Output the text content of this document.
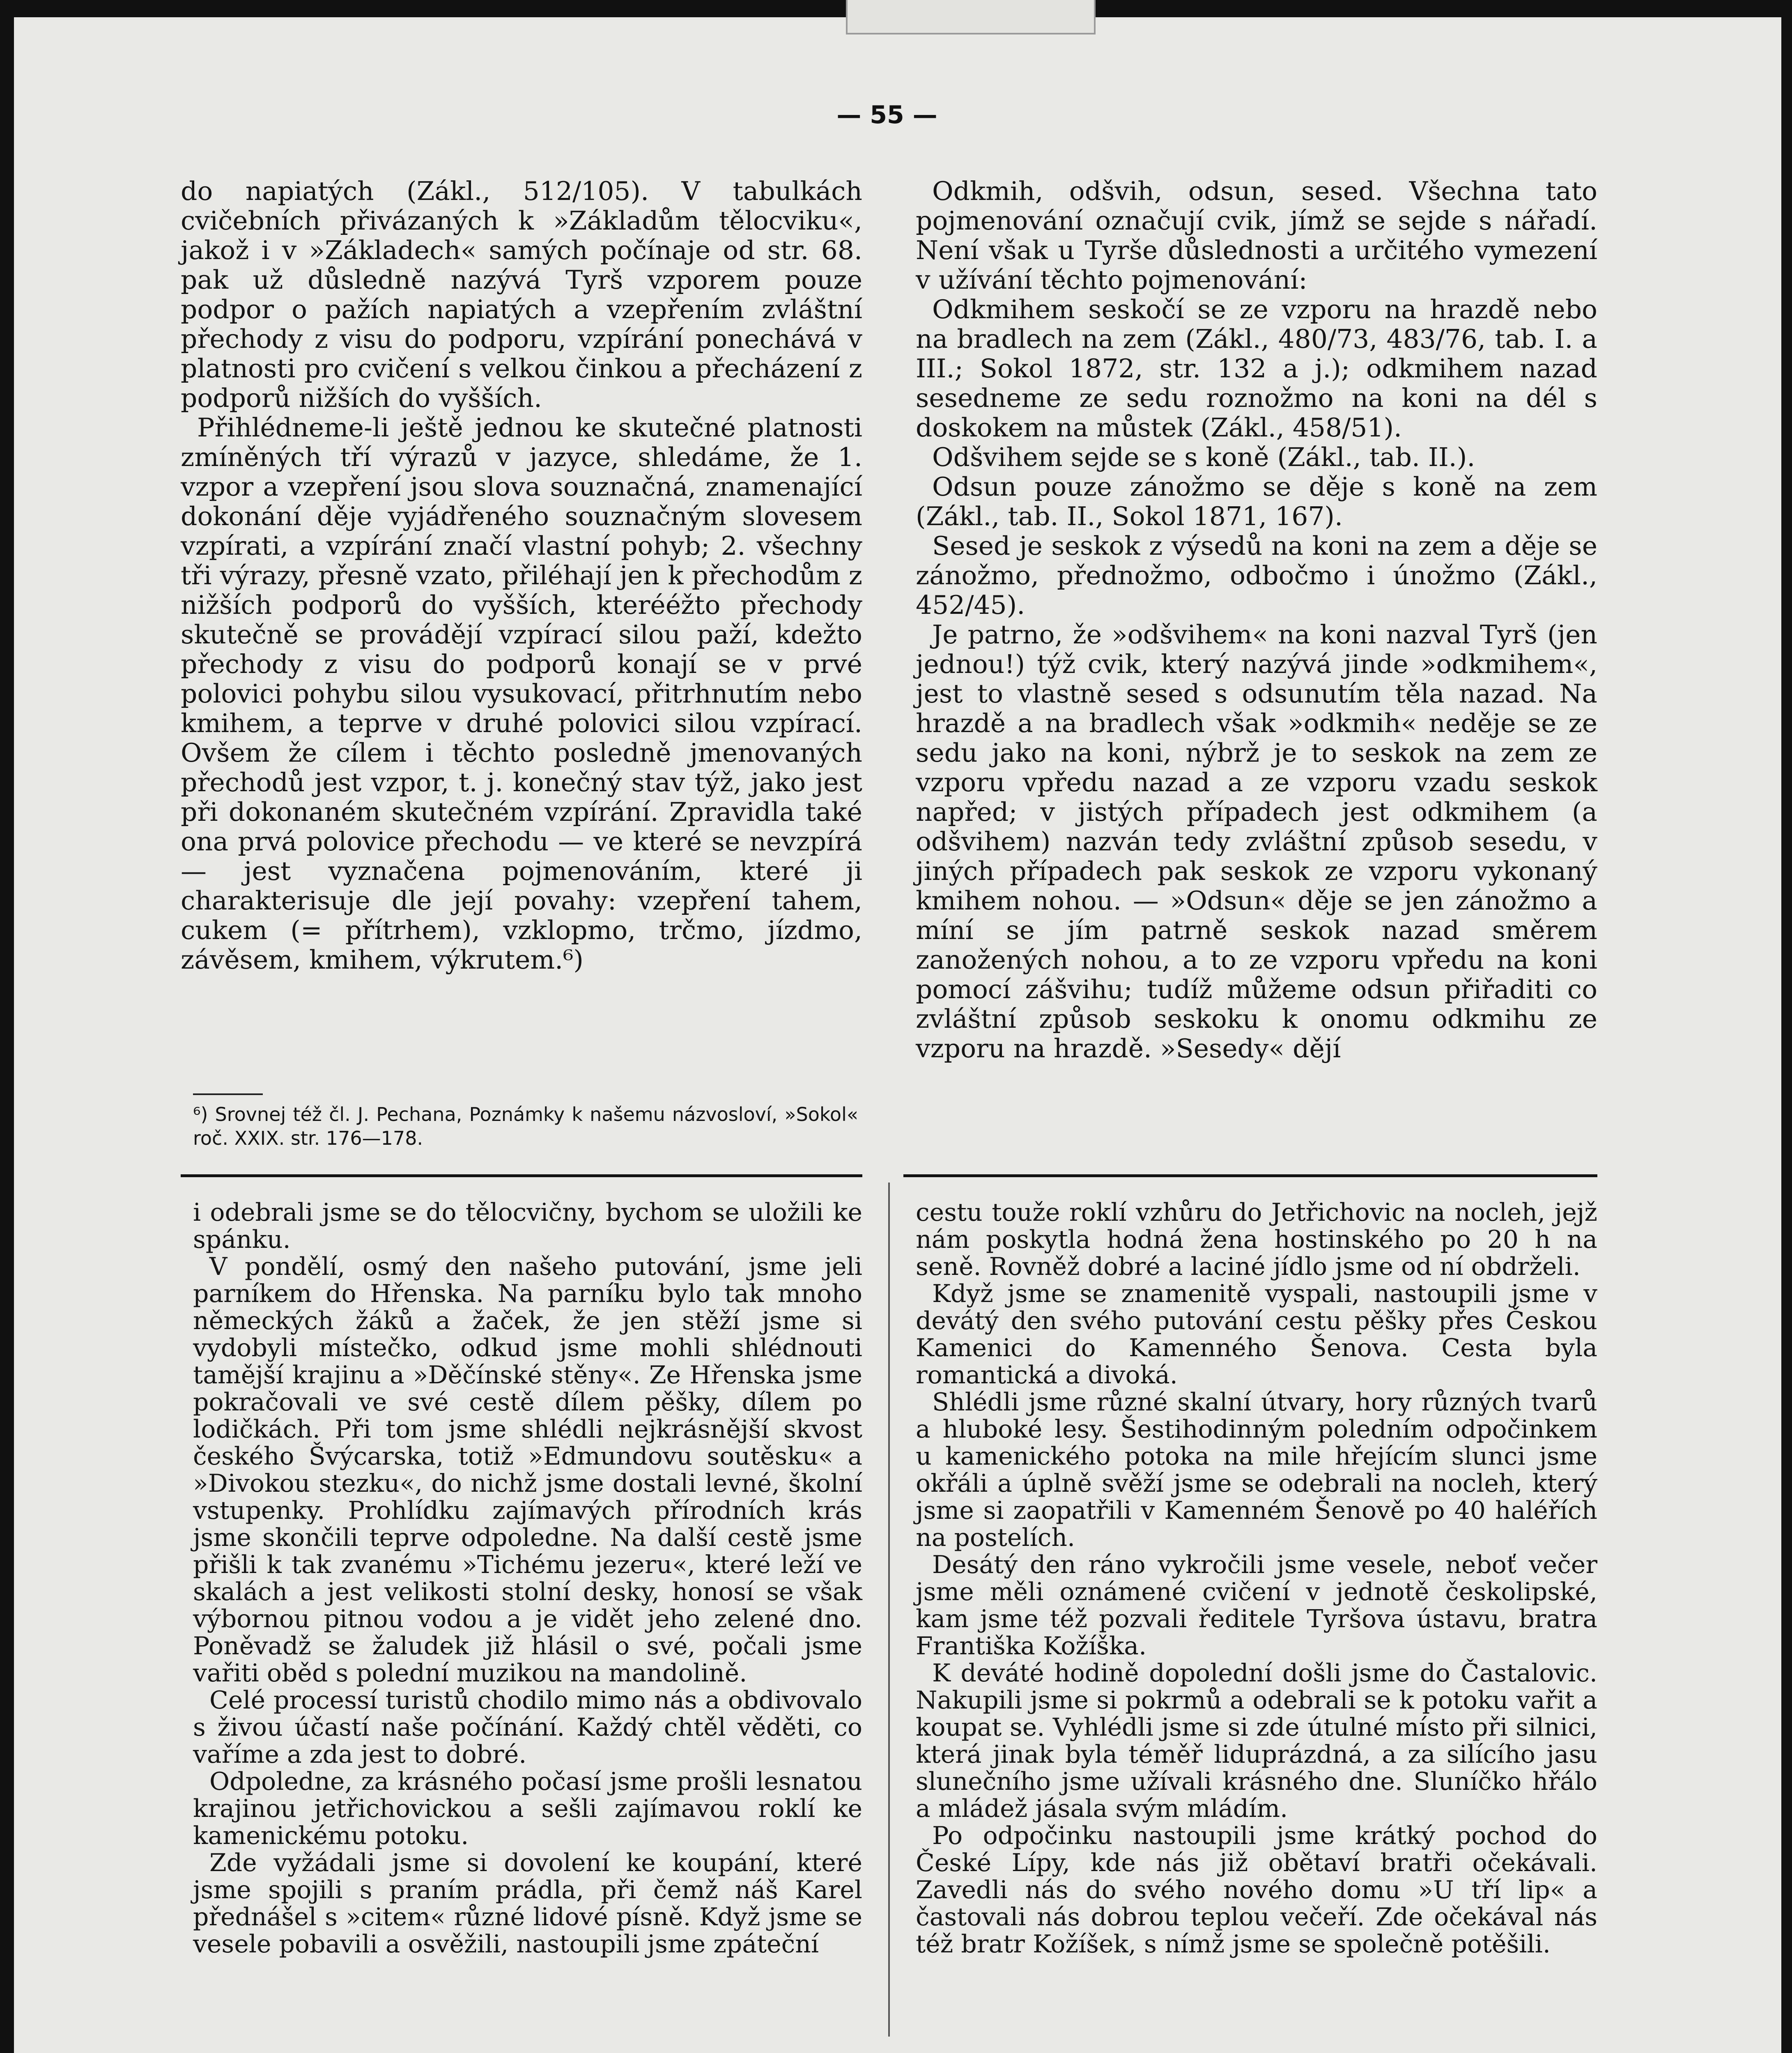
— 55 —

do napiatých (Zákl., 512/105). V tabulkách cvičebních přivázaných k »Základům tělocviku«, jakož i v »Základech« samých počínaje od str. 68. pak už důsledně nazývá Tyrš vzporem pouze podpor o pažích napiatých a vzepřením zvláštní přechody z visu do podporu, vzpírání ponechává v platnosti pro cvičení s velkou činkou a přecházení z podporů nižších do vyšších.

Přihlédneme-li ještě jednou ke skutečné platnosti zmíněných tří výrazů v jazyce, shledáme, že 1. vzpor a vzepření jsou slova souznačná, znamenající dokonání děje vyjádřeného souznačným slovesem vzpírati, a vzpírání značí vlastní pohyb; 2. všechny tři výrazy, přesně vzato, přiléhají jen k přechodům z nižších podporů do vyšších, kterééžto přechody skutečně se provádějí vzpírací silou paží, kdežto přechody z visu do podporů konají se v prvé polovici pohybu silou vysukovací, přitrhnutím nebo kmihem, a teprve v druhé polovici silou vzpírací. Ovšem že cílem i těchto posledně jmenovaných přechodů jest vzpor, t. j. konečný stav týž, jako jest při dokonaném skutečném vzpírání. Zpravidla také ona prvá polovice přechodu — ve které se nevzpírá — jest vyznačena pojmenováním, které ji charakterisuje dle její povahy: vzepření tahem, cukem (= přítrhem), vzklopmo, trčmo, jízdmo, závěsem, kmihem, výkrutem.⁶)

⁶) Srovnej též čl. J. Pechana, Poznámky k našemu názvosloví, »Sokol« roč. XXIX. str. 176—178.

Odkmih, odšvih, odsun, sesed. Všechna tato pojmenování označují cvik, jímž se sejde s nářadí. Není však u Tyrše důslednosti a určitého vymezení v užívání těchto pojmenování:

Odkmihem seskočí se ze vzporu na hrazdě nebo na bradlech na zem (Zákl., 480/73, 483/76, tab. I. a III.; Sokol 1872, str. 132 a j.); odkmihem nazad sesedneme ze sedu roznožmo na koni na dél s doskokem na můstek (Zákl., 458/51).

Odšvihem sejde se s koně (Zákl., tab. II.).

Odsun pouze zánožmo se děje s koně na zem (Zákl., tab. II., Sokol 1871, 167).

Sesed je seskok z výsedů na koni na zem a děje se zánožmo, přednožmo, odbočmo i únožmo (Zákl., 452/45).

Je patrno, že »odšvihem« na koni nazval Tyrš (jen jednou!) týž cvik, který nazývá jinde »odkmihem«, jest to vlastně sesed s odsunutím těla nazad. Na hrazdě a na bradlech však »odkmih« neděje se ze sedu jako na koni, nýbrž je to seskok na zem ze vzporu vpředu nazad a ze vzporu vzadu seskok napřed; v jistých případech jest odkmihem (a odšvihem) nazván tedy zvláštní způsob sesedu, v jiných případech pak seskok ze vzporu vykonaný kmihem nohou. — »Odsun« děje se jen zánožmo a míní se jím patrně seskok nazad směrem zanožených nohou, a to ze vzporu vpředu na koni pomocí zášvihu; tudíž můžeme odsun přiřaditi co zvláštní způsob seskoku k onomu odkmihu ze vzporu na hrazdě. »Sesedy« dějí

i odebrali jsme se do tělocvičny, bychom se uložili ke spánku.

V pondělí, osmý den našeho putování, jsme jeli parníkem do Hřenska. Na parníku bylo tak mnoho německých žáků a žaček, že jen stěží jsme si vydobyli místečko, odkud jsme mohli shlédnouti tamější krajinu a »Děčínské stěny«. Ze Hřenska jsme pokračovali ve své cestě dílem pěšky, dílem po lodičkách. Při tom jsme shlédli nejkrásnější skvost českého Švýcarska, totiž »Edmundovu soutěsku« a »Divokou stezku«, do nichž jsme dostali levné, školní vstupenky. Prohlídku zajímavých přírodních krás jsme skončili teprve odpoledne. Na další cestě jsme přišli k tak zvanému »Tichému jezeru«, které leží ve skalách a jest velikosti stolní desky, honosí se však výbornou pitnou vodou a je vidět jeho zelené dno. Poněvadž se žaludek již hlásil o své, počali jsme vařiti oběd s polední muzikou na mandolině.

Celé processí turistů chodilo mimo nás a obdivovalo s živou účastí naše počínání. Každý chtěl věděti, co vaříme a zda jest to dobré.

Odpoledne, za krásného počasí jsme prošli lesnatou krajinou jetřichovickou a sešli zajímavou roklí ke kamenickému potoku.

Zde vyžádali jsme si dovolení ke koupání, které jsme spojili s praním prádla, při čemž náš Karel přednášel s »citem« různé lidové písně. Když jsme se vesele pobavili a osvěžili, nastoupili jsme zpáteční

cestu touže roklí vzhůru do Jetřichovic na nocleh, jejž nám poskytla hodná žena hostinského po 20 h na seně. Rovněž dobré a laciné jídlo jsme od ní obdrželi.

Když jsme se znamenitě vyspali, nastoupili jsme v devátý den svého putování cestu pěšky přes Českou Kamenici do Kamenného Šenova. Cesta byla romantická a divoká.

Shlédli jsme různé skalní útvary, hory různých tvarů a hluboké lesy. Šestihodinným poledním odpočinkem u kamenického potoka na mile hřejícím slunci jsme okřáli a úplně svěží jsme se odebrali na nocleh, který jsme si zaopatřili v Kamenném Šenově po 40 haléřích na postelích.

Desátý den ráno vykročili jsme vesele, neboť večer jsme měli oznámené cvičení v jednotě českolipské, kam jsme též pozvali ředitele Tyršova ústavu, bratra Františka Kožíška.

K deváté hodině dopolední došli jsme do Častalovic. Nakupili jsme si pokrmů a odebrali se k potoku vařit a koupat se. Vyhlédli jsme si zde útulné místo při silnici, která jinak byla téměř liduprázdná, a za silícího jasu slunečního jsme užívali krásného dne. Sluníčko hřálo a mládež jásala svým mládím.

Po odpočinku nastoupili jsme krátký pochod do České Lípy, kde nás již obětaví bratři očekávali. Zavedli nás do svého nového domu »U tří lip« a častovali nás dobrou teplou večeří. Zde očekával nás též bratr Kožíšek, s nímž jsme se společně potěšili.
